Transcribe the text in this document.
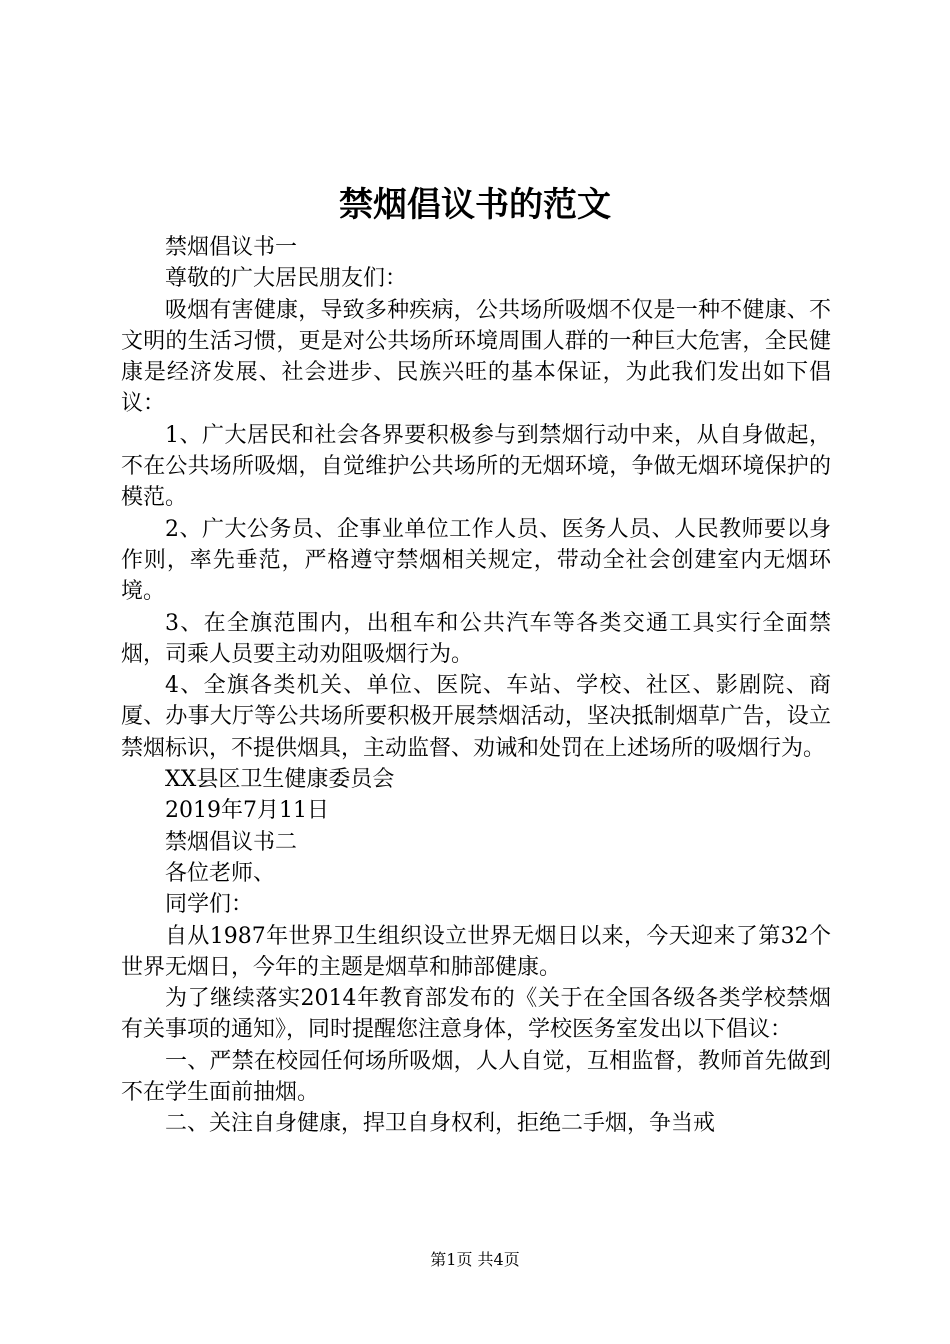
禁烟倡议书的范文

禁烟倡议书一

尊敬的广大居民朋友们：

吸烟有害健康，导致多种疾病，公共场所吸烟不仅是一种不健康、不文明的生活习惯，更是对公共场所环境周围人群的一种巨大危害，全民健康是经济发展、社会进步、民族兴旺的基本保证，为此我们发出如下倡议：

1、广大居民和社会各界要积极参与到禁烟行动中来，从自身做起，不在公共场所吸烟，自觉维护公共场所的无烟环境，争做无烟环境保护的模范。

2、广大公务员、企事业单位工作人员、医务人员、人民教师要以身作则，率先垂范，严格遵守禁烟相关规定，带动全社会创建室内无烟环境。

3、在全旗范围内，出租车和公共汽车等各类交通工具实行全面禁烟，司乘人员要主动劝阻吸烟行为。

4、全旗各类机关、单位、医院、车站、学校、社区、影剧院、商厦、办事大厅等公共场所要积极开展禁烟活动，坚决抵制烟草广告，设立禁烟标识，不提供烟具，主动监督、劝诫和处罚在上述场所的吸烟行为。

XX县区卫生健康委员会

2019年7月11日

禁烟倡议书二

各位老师、

同学们：

自从1987年世界卫生组织设立世界无烟日以来，今天迎来了第32个世界无烟日，今年的主题是烟草和肺部健康。

为了继续落实2014年教育部发布的《关于在全国各级各类学校禁烟有关事项的通知》，同时提醒您注意身体，学校医务室发出以下倡议：

一、严禁在校园任何场所吸烟，人人自觉，互相监督，教师首先做到不在学生面前抽烟。

二、关注自身健康，捍卫自身权利，拒绝二手烟，争当戒

第1页 共4页
